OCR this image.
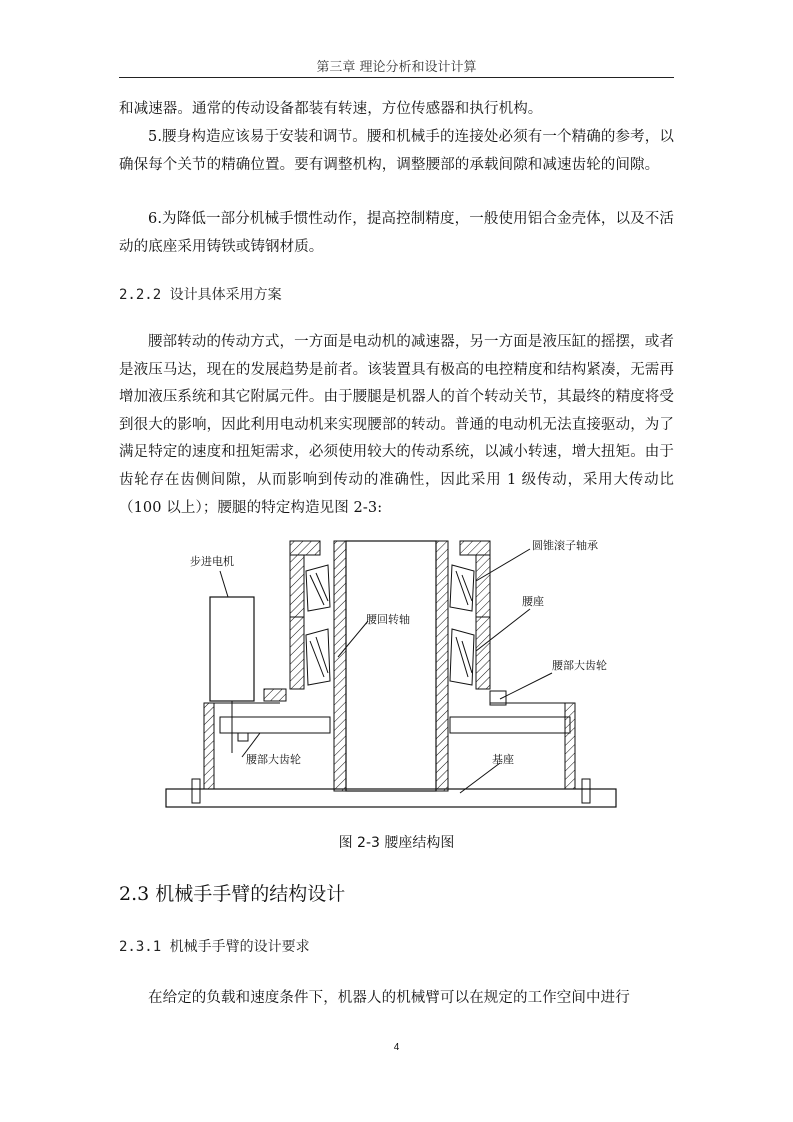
第三章 理论分析和设计计算

和减速器。通常的传动设备都装有转速，方位传感器和执行机构。

5.腰身构造应该易于安装和调节。腰和机械手的连接处必须有一个精确的参考，以确保每个关节的精确位置。要有调整机构，调整腰部的承载间隙和减速齿轮的间隙。

6.为降低一部分机械手惯性动作，提高控制精度，一般使用铝合金壳体，以及不活动的底座采用铸铁或铸钢材质。

2.2.2 设计具体采用方案

腰部转动的传动方式，一方面是电动机的减速器，另一方面是液压缸的摇摆，或者是液压马达，现在的发展趋势是前者。该装置具有极高的电控精度和结构紧凑，无需再增加液压系统和其它附属元件。由于腰腿是机器人的首个转动关节，其最终的精度将受到很大的影响，因此利用电动机来实现腰部的转动。普通的电动机无法直接驱动，为了满足特定的速度和扭矩需求，必须使用较大的传动系统，以减小转速，增大扭矩。由于齿轮存在齿侧间隙，从而影响到传动的准确性，因此采用 1 级传动，采用大传动比（100 以上）；腰腿的特定构造见图 2-3:

步进电机
腰回转轴
圆锥滚子轴承
腰座
腰部大齿轮
腰部大齿轮	基座
图 2-3 腰座结构图
2.3 机械手手臂的结构设计
2.3.1 机械手手臂的设计要求

在给定的负载和速度条件下，机器人的机械臂可以在规定的工作空间中进行

4
